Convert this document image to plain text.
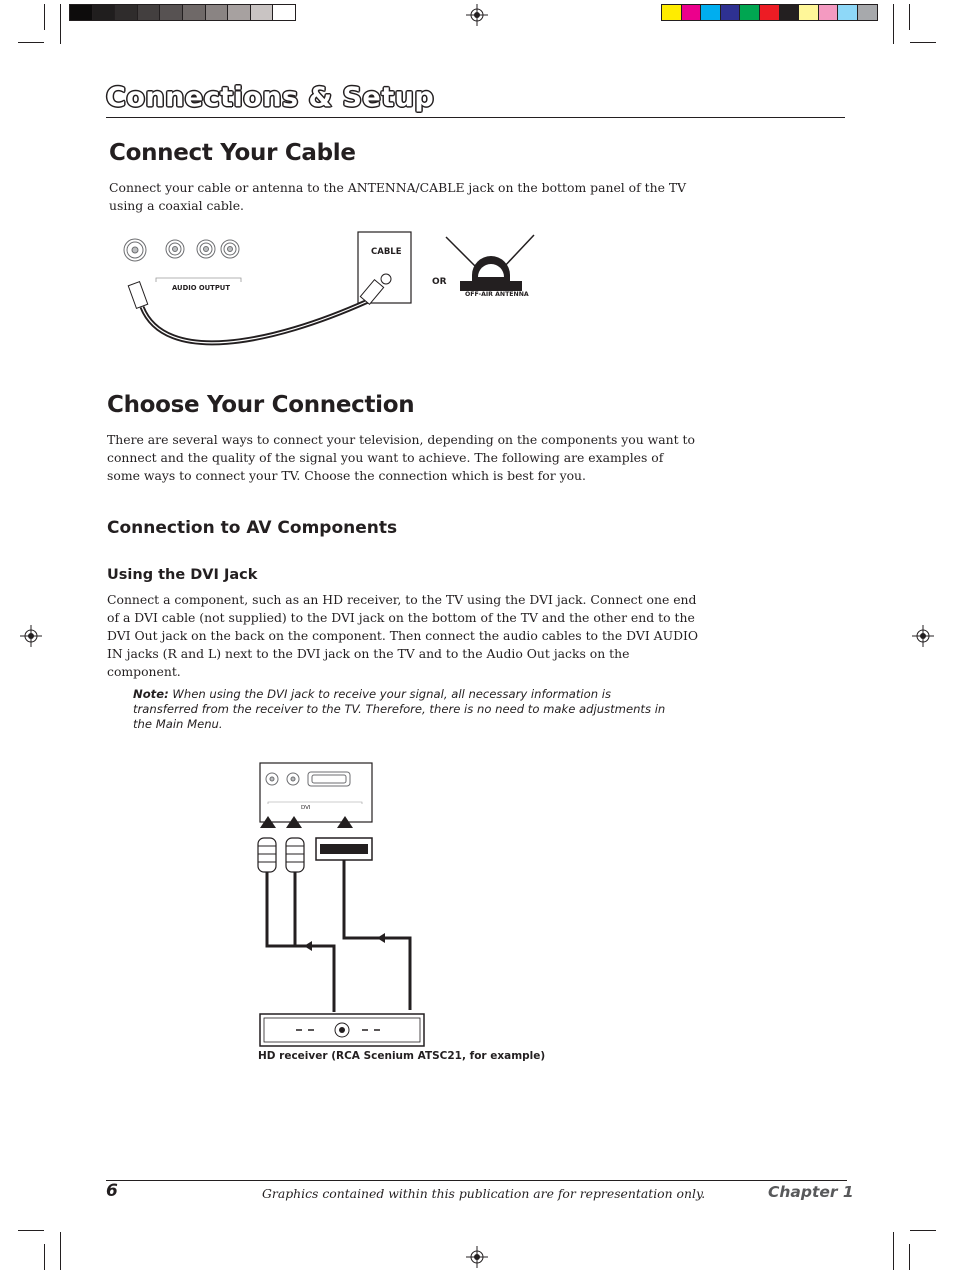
Connections & Setup
Connect Your Cable

Connect your cable or antenna to the ANTENNA/CABLE jack on the bottom panel of the TV using a coaxial cable.

AUDIO OUTPUT
CABLE
OR
OFF-AIR ANTENNA
Choose Your Connection

There are several ways to connect your television, depending on the components you want to connect and the quality of the signal you want to achieve. The following are examples of some ways to connect your TV. Choose the connection which is best for you.

Connection to AV Components
Using the DVI Jack

Connect a component, such as an HD receiver, to the TV using the DVI jack. Connect one end of a DVI cable (not supplied) to the DVI jack on the bottom of the TV and the other end to the DVI Out jack on the back on the component. Then connect the audio cables to the DVI AUDIO IN jacks (R and L) next to the DVI jack on the TV and to the Audio Out jacks on the component.

Note: When using the DVI jack to receive your signal, all necessary information is transferred from the receiver to the TV. Therefore, there is no need to make adjustments in the Main Menu.

DVI
HD receiver (RCA Scenium ATSC21, for example)
6	Graphics contained within this publication are for representation only.	Chapter 1
